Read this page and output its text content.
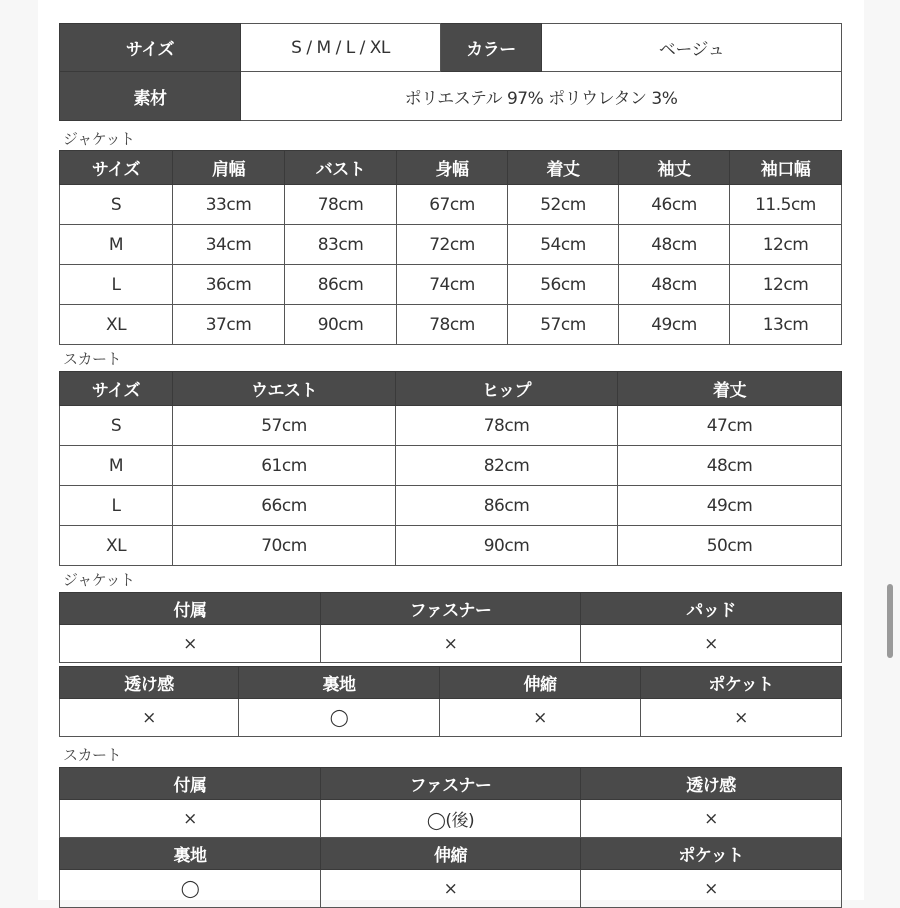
サイズ	S / M / L / XL	カラー	ベージュ
素材	ポリエステル 97% ポリウレタン 3%		
ジャケット
サイズ	肩幅	バスト	身幅	着丈	袖丈	袖口幅
S	33cm	78cm	67cm	52cm	46cm	11.5cm
M	34cm	83cm	72cm	54cm	48cm	12cm
L	36cm	86cm	74cm	56cm	48cm	12cm
XL	37cm	90cm	78cm	57cm	49cm	13cm
スカート
サイズ	ウエスト	ヒップ	着丈
S	57cm	78cm	47cm
M	61cm	82cm	48cm
L	66cm	86cm	49cm
XL	70cm	90cm	50cm
ジャケット
付属	ファスナー	パッド
×	×	×
透け感	裏地	伸縮	ポケット
×	◯	×	×
スカート
付属	ファスナー	透け感
×	◯(後)	×
裏地	伸縮	ポケット
◯	×	×
